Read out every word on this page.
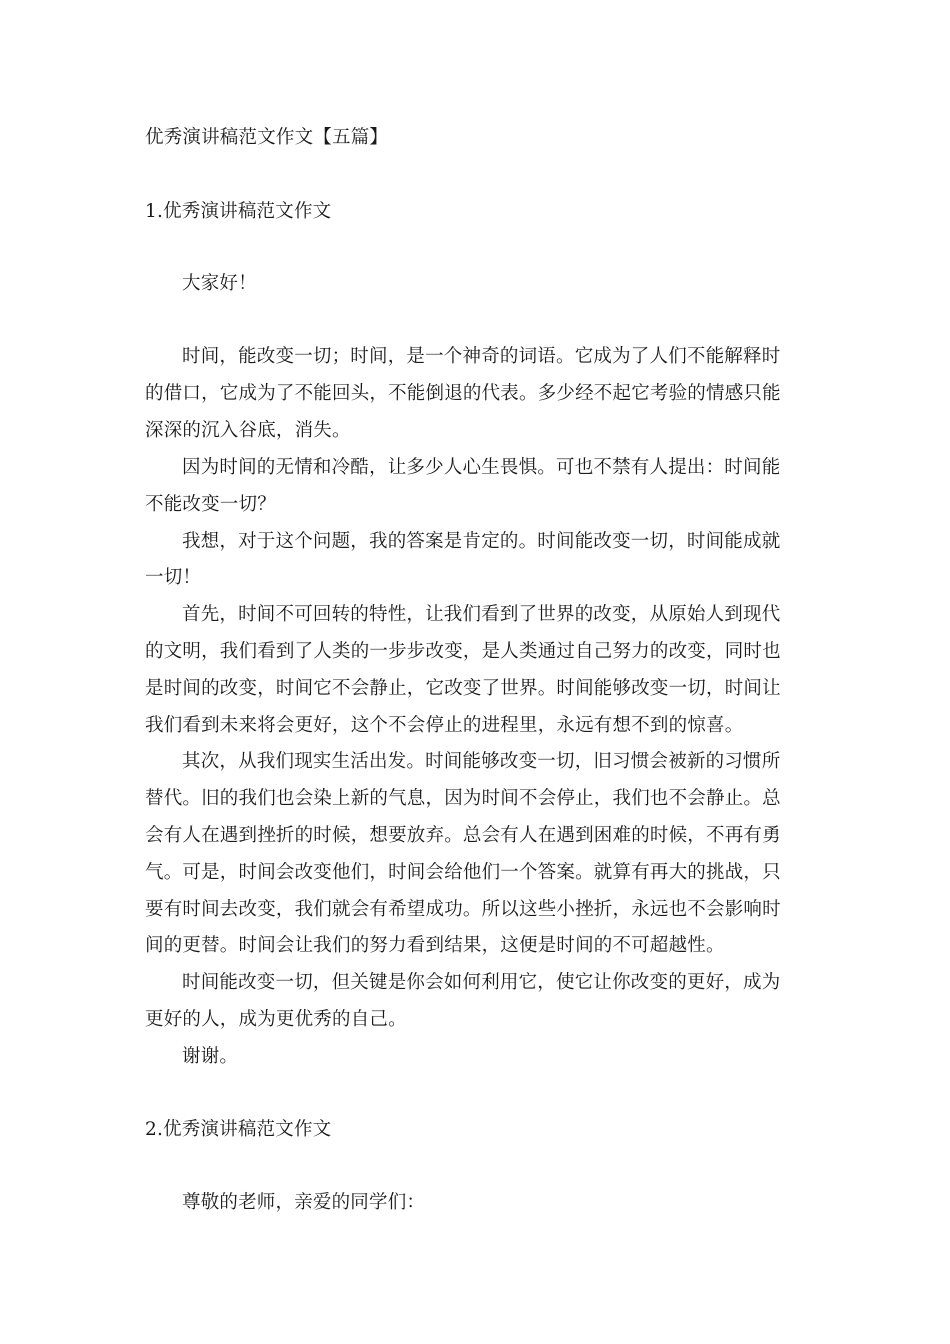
优秀演讲稿范文作文【五篇】
1.优秀演讲稿范文作文
大家好！
时间，能改变一切；时间，是一个神奇的词语。它成为了人们不能解释时
的借口，它成为了不能回头，不能倒退的代表。多少经不起它考验的情感只能
深深的沉入谷底，消失。
因为时间的无情和冷酷，让多少人心生畏惧。可也不禁有人提出：时间能
不能改变一切？
我想，对于这个问题，我的答案是肯定的。时间能改变一切，时间能成就
一切！
首先，时间不可回转的特性，让我们看到了世界的改变，从原始人到现代
的文明，我们看到了人类的一步步改变，是人类通过自己努力的改变，同时也
是时间的改变，时间它不会静止，它改变了世界。时间能够改变一切，时间让
我们看到未来将会更好，这个不会停止的进程里，永远有想不到的惊喜。
其次，从我们现实生活出发。时间能够改变一切，旧习惯会被新的习惯所
替代。旧的我们也会染上新的气息，因为时间不会停止，我们也不会静止。总
会有人在遇到挫折的时候，想要放弃。总会有人在遇到困难的时候，不再有勇
气。可是，时间会改变他们，时间会给他们一个答案。就算有再大的挑战，只
要有时间去改变，我们就会有希望成功。所以这些小挫折，永远也不会影响时
间的更替。时间会让我们的努力看到结果，这便是时间的不可超越性。
时间能改变一切，但关键是你会如何利用它，使它让你改变的更好，成为
更好的人，成为更优秀的自己。
谢谢。
2.优秀演讲稿范文作文
尊敬的老师，亲爱的同学们：
